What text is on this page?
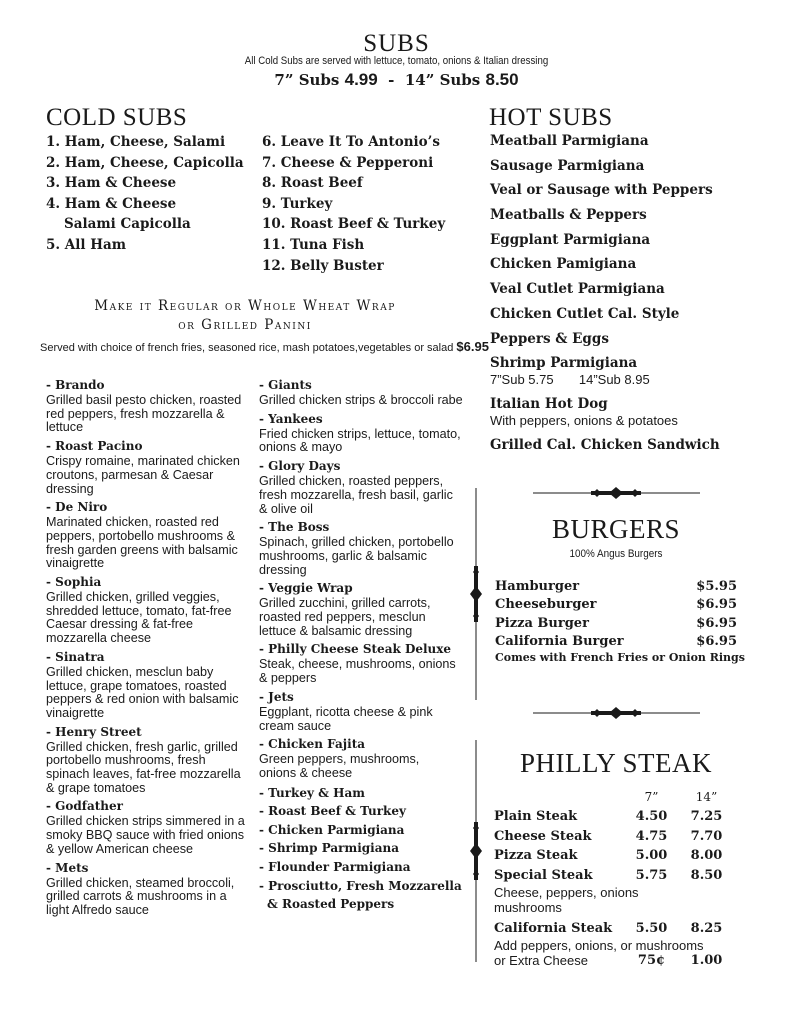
SUBS
All Cold Subs are served with lettuce, tomato, onions & Italian dressing
7” Subs 4.99 - 14” Subs 8.50
COLD SUBS
1. Ham, Cheese, Salami
2. Ham, Cheese, Capicolla
3. Ham & Cheese
4. Ham & Cheese
Salami Capicolla
5. All Ham
6. Leave It To Antonio’s
7. Cheese & Pepperoni
8. Roast Beef
9. Turkey
10. Roast Beef & Turkey
11. Tuna Fish
12. Belly Buster
HOT SUBS
Meatball Parmigiana
Sausage Parmigiana
Veal or Sausage with Peppers
Meatballs & Peppers
Eggplant Parmigiana
Chicken Pamigiana
Veal Cutlet Parmigiana
Chicken Cutlet Cal. Style
Peppers & Eggs
Shrimp Parmigiana
7”Sub 5.75 14”Sub 8.95
Italian Hot Dog
With peppers, onions & potatoes
Grilled Cal. Chicken Sandwich
Make it Regular or Whole Wheat Wrap
or Grilled Panini
Served with choice of french fries, seasoned rice, mash potatoes,vegetables or salad $6.95
- Brando
Grilled basil pesto chicken, roasted red peppers, fresh mozzarella & lettuce
- Roast Pacino
Crispy romaine, marinated chicken croutons, parmesan & Caesar dressing
- De Niro
Marinated chicken, roasted red peppers, portobello mushrooms & fresh garden greens with balsamic vinaigrette
- Sophia
Grilled chicken, grilled veggies, shredded lettuce, tomato, fat-free Caesar dressing & fat-free mozzarella cheese
- Sinatra
Grilled chicken, mesclun baby lettuce, grape tomatoes, roasted peppers & red onion with balsamic vinaigrette
- Henry Street
Grilled chicken, fresh garlic, grilled portobello mushrooms, fresh spinach leaves, fat-free mozzarella & grape tomatoes
- Godfather
Grilled chicken strips simmered in a smoky BBQ sauce with fried onions & yellow American cheese
- Mets
Grilled chicken, steamed broccoli, grilled carrots & mushrooms in a light Alfredo sauce
- Giants
Grilled chicken strips & broccoli rabe
- Yankees
Fried chicken strips, lettuce, tomato, onions & mayo
- Glory Days
Grilled chicken, roasted peppers, fresh mozzarella, fresh basil, garlic & olive oil
- The Boss
Spinach, grilled chicken, portobello mushrooms, garlic & balsamic dressing
- Veggie Wrap
Grilled zucchini, grilled carrots, roasted red peppers, mesclun lettuce & balsamic dressing
- Philly Cheese Steak Deluxe
Steak, cheese, mushrooms, onions & peppers
- Jets
Eggplant, ricotta cheese & pink cream sauce
- Chicken Fajita
Green peppers, mushrooms, onions & cheese
- Turkey & Ham
- Roast Beef & Turkey
- Chicken Parmigiana
- Shrimp Parmigiana
- Flounder Parmigiana
- Prosciutto, Fresh Mozzarella
& Roasted Peppers
BURGERS
100% Angus Burgers
Hamburger	$5.95
Cheeseburger	$6.95
Pizza Burger	$6.95
California Burger	$6.95
Comes with French Fries or Onion Rings
PHILLY STEAK
7”	14”
Plain Steak	4.50	7.25
Cheese Steak	4.75	7.70
Pizza Steak	5.00	8.00
Special Steak	5.75	8.50
Cheese, peppers, onions
mushrooms
California Steak	5.50	8.25
Add peppers, onions, or mushrooms
or Extra Cheese	75¢	1.00
